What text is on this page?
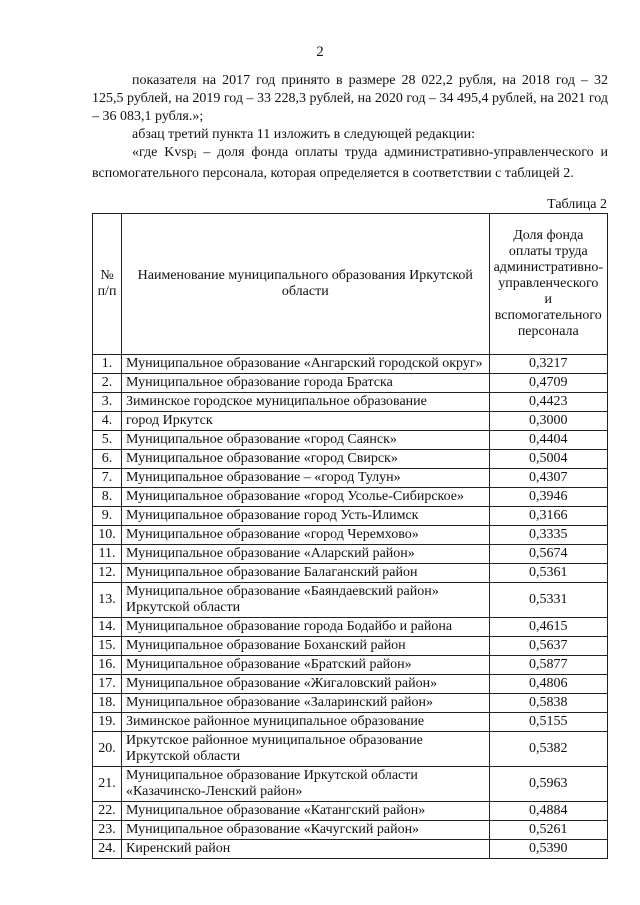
2

показателя на 2017 год принято в размере 28 022,2 рубля, на 2018 год – 32 125,5 рублей, на 2019 год – 33 228,3 рублей, на 2020 год – 34 495,4 рублей, на 2021 год – 36 083,1 рубля.»;

абзац третий пункта 11 изложить в следующей редакции:

«где Kvsp$_i$ – доля фонда оплаты труда административно-управленческого и вспомогательного персонала, которая определяется в соответствии с таблицей 2.

Таблица 2
№ п/п	Наименование муниципального образования Иркутской области	Доля фонда оплаты труда административно-управленческого и вспомогательного персонала
1.	Муниципальное образование «Ангарский городской округ»	0,3217
2.	Муниципальное образование города Братска	0,4709
3.	Зиминское городское муниципальное образование	0,4423
4.	город Иркутск	0,3000
5.	Муниципальное образование «город Саянск»	0,4404
6.	Муниципальное образование «город Свирск»	0,5004
7.	Муниципальное образование – «город Тулун»	0,4307
8.	Муниципальное образование «город Усолье-Сибирское»	0,3946
9.	Муниципальное образование город Усть-Илимск	0,3166
10.	Муниципальное образование «город Черемхово»	0,3335
11.	Муниципальное образование «Аларский район»	0,5674
12.	Муниципальное образование Балаганский район	0,5361
13.	Муниципальное образование «Баяндаевский район» Иркутской области	0,5331
14.	Муниципальное образование города Бодайбо и района	0,4615
15.	Муниципальное образование Боханский район	0,5637
16.	Муниципальное образование «Братский район»	0,5877
17.	Муниципальное образование «Жигаловский район»	0,4806
18.	Муниципальное образование «Заларинский район»	0,5838
19.	Зиминское районное муниципальное образование	0,5155
20.	Иркутское районное муниципальное образование Иркутской области	0,5382
21.	Муниципальное образование Иркутской области «Казачинско-Ленский район»	0,5963
22.	Муниципальное образование «Катангский район»	0,4884
23.	Муниципальное образование «Качугский район»	0,5261
24.	Киренский район	0,5390
